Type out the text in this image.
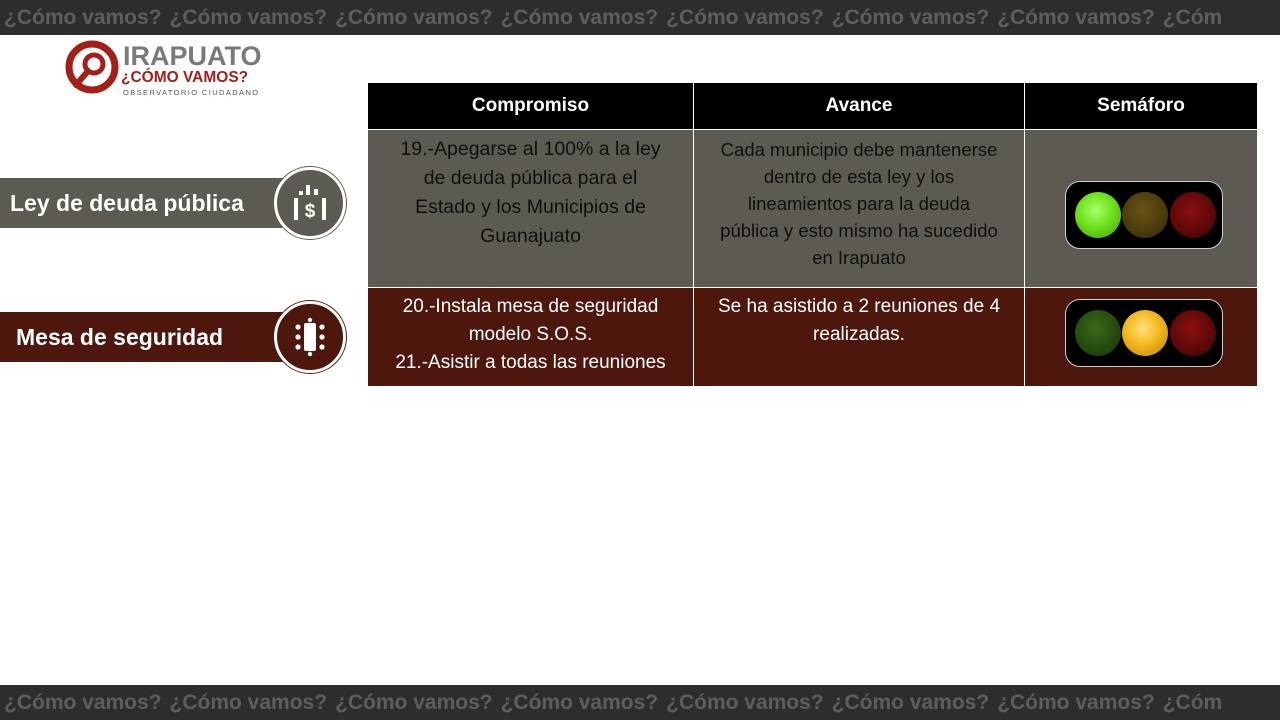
¿Cómo vamos? ¿Cómo vamos? ¿Cómo vamos? ¿Cómo vamos? ¿Cómo vamos? ¿Cómo vamos? ¿Cómo vamos? ¿Cóm
IRAPUATO
¿CÓMO VAMOS?
OBSERVATORIO CIUDADANO
Ley de deuda pública	$
Mesa de seguridad
Compromiso	Avance	Semáforo

19.-Apegarse al 100% a la ley
de deuda pública para el
Estado y los Municipios de
Guanajuato	Cada municipio debe mantenerse
dentro de esta ley y los
lineamientos para la deuda
pública y esto mismo ha sucedido
en Irapuato	

20.-Instala mesa de seguridad
modelo S.O.S.
21.-Asistir a todas las reuniones	Se ha asistido a 2 reuniones de 4
realizadas.	

¿Cómo vamos? ¿Cómo vamos? ¿Cómo vamos? ¿Cómo vamos? ¿Cómo vamos? ¿Cómo vamos? ¿Cómo vamos? ¿Cóm
